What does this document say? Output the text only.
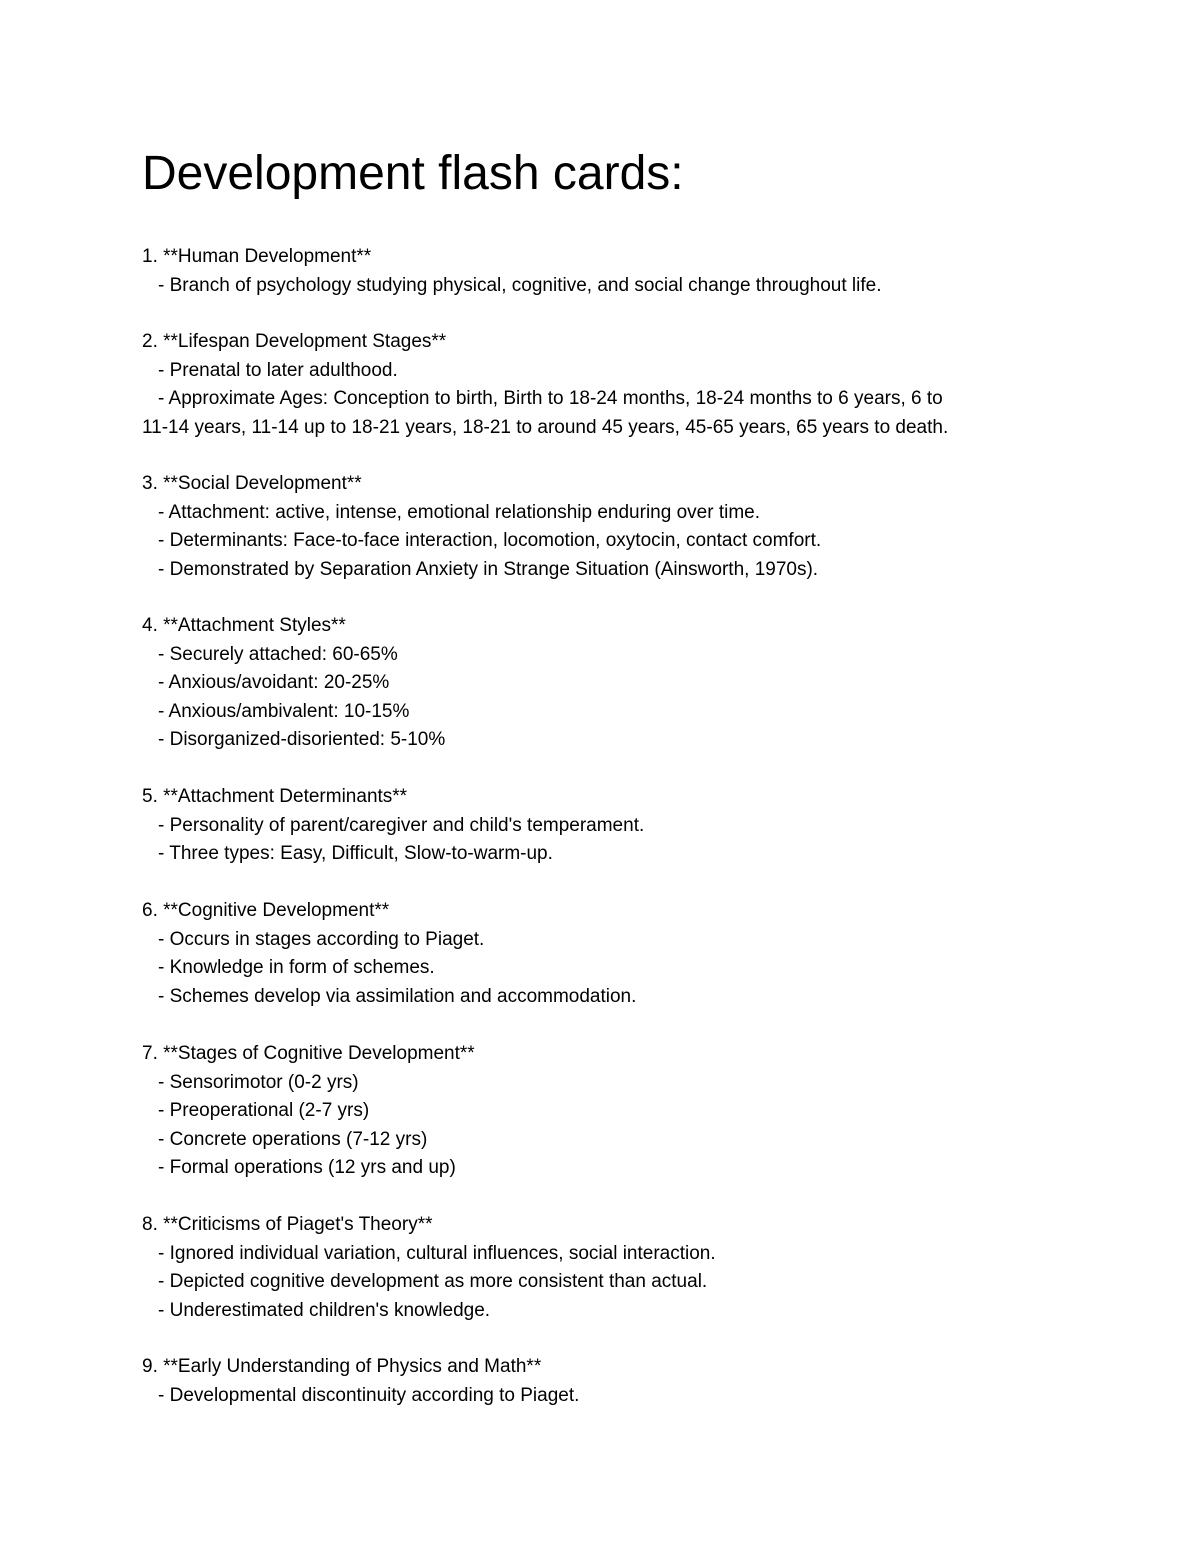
Development flash cards:

1. **Human Development**

- Branch of psychology studying physical, cognitive, and social change throughout life.

2. **Lifespan Development Stages**

- Prenatal to later adulthood.

- Approximate Ages: Conception to birth, Birth to 18-24 months, 18-24 months to 6 years, 6 to

11-14 years, 11-14 up to 18-21 years, 18-21 to around 45 years, 45-65 years, 65 years to death.

3. **Social Development**

- Attachment: active, intense, emotional relationship enduring over time.

- Determinants: Face-to-face interaction, locomotion, oxytocin, contact comfort.

- Demonstrated by Separation Anxiety in Strange Situation (Ainsworth, 1970s).

4. **Attachment Styles**

- Securely attached: 60-65%

- Anxious/avoidant: 20-25%

- Anxious/ambivalent: 10-15%

- Disorganized-disoriented: 5-10%

5. **Attachment Determinants**

- Personality of parent/caregiver and child's temperament.

- Three types: Easy, Difficult, Slow-to-warm-up.

6. **Cognitive Development**

- Occurs in stages according to Piaget.

- Knowledge in form of schemes.

- Schemes develop via assimilation and accommodation.

7. **Stages of Cognitive Development**

- Sensorimotor (0-2 yrs)

- Preoperational (2-7 yrs)

- Concrete operations (7-12 yrs)

- Formal operations (12 yrs and up)

8. **Criticisms of Piaget's Theory**

- Ignored individual variation, cultural influences, social interaction.

- Depicted cognitive development as more consistent than actual.

- Underestimated children's knowledge.

9. **Early Understanding of Physics and Math**

- Developmental discontinuity according to Piaget.
